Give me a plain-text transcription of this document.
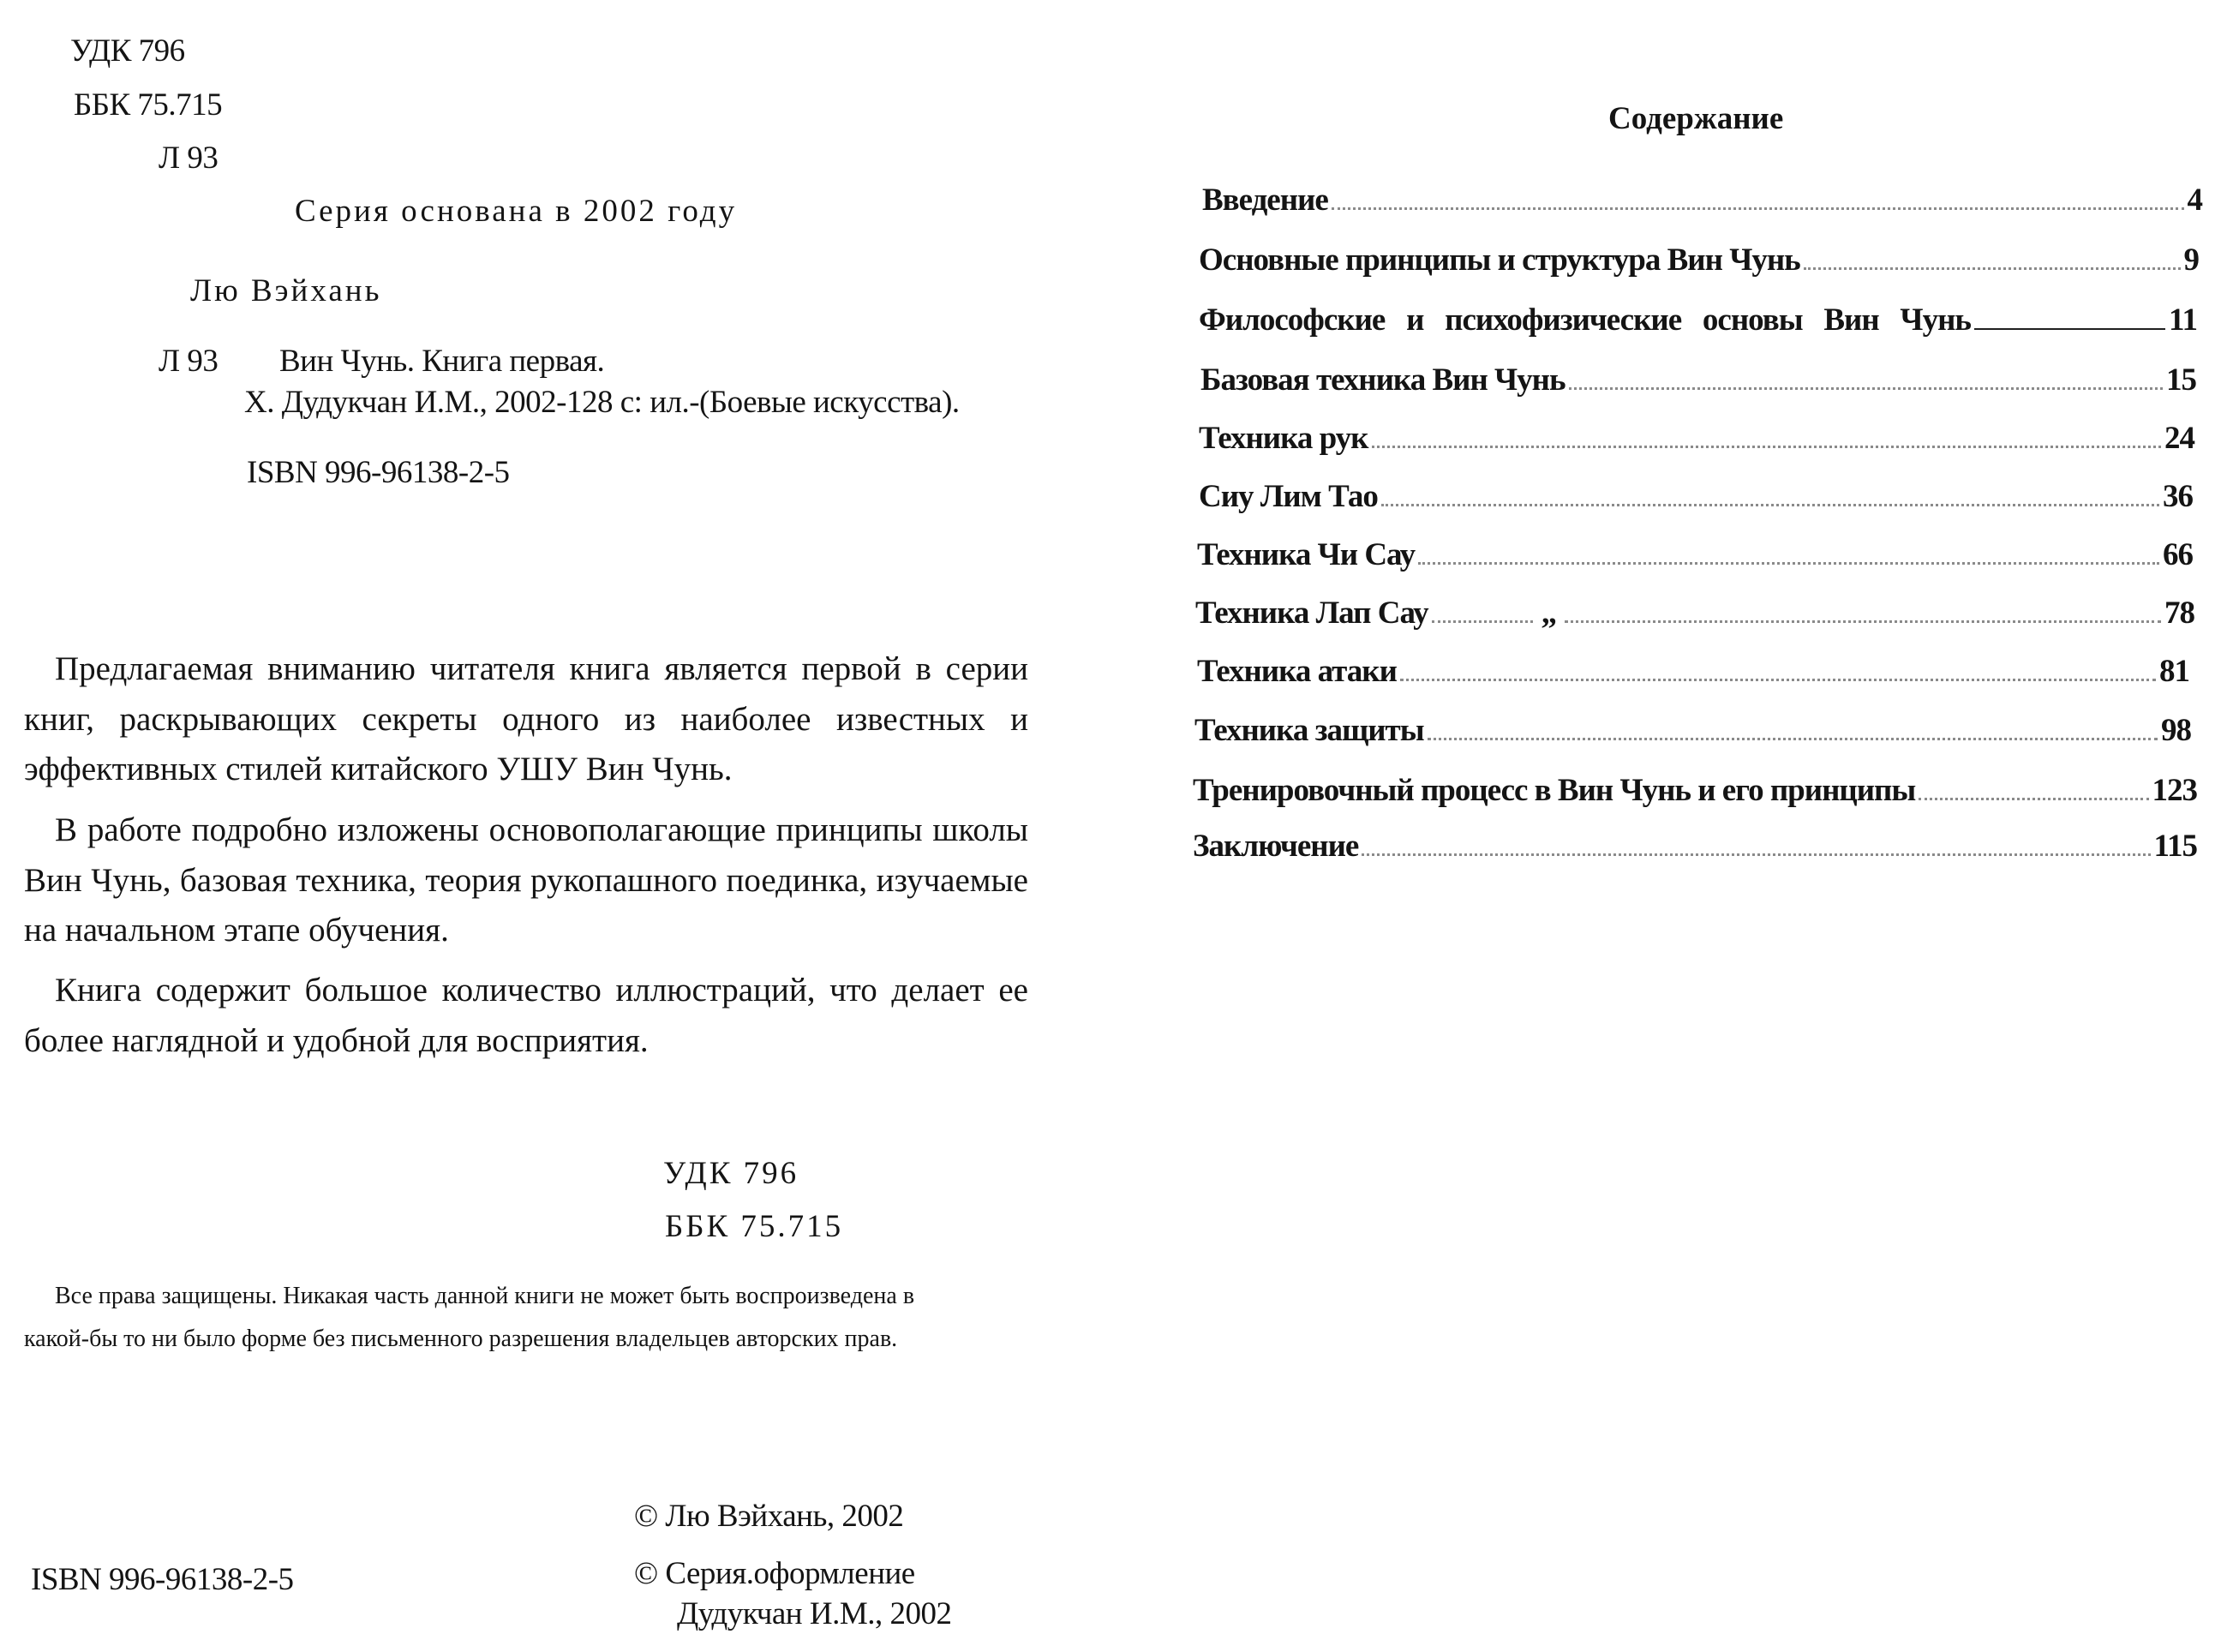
УДК 796
ББК 75.715
Л 93
Серия основана в 2002 году
Лю Вэйхань
Л 93 Вин Чунь. Книга первая.
Х. Дудукчан И.М., 2002-128 с: ил.-(Боевые искусства).
ISBN 996-96138-2-5
Предлагаемая вниманию читателя книга является первой в серии книг, раскрывающих секреты одного из наиболее известных и эффективных стилей китайского УШУ Вин Чунь.
В работе подробно изложены основополагающие принципы школы Вин Чунь, базовая техника, теория рукопашного поединка, изучаемые на начальном этапе обучения.
Книга содержит большое количество иллюстраций, что делает ее более наглядной и удобной для восприятия.
УДК 796
ББК 75.715
Все права защищены. Никакая часть данной книги не может быть воспроизведена в
какой-бы то ни было форме без письменного разрешения владельцев авторских прав.
© Лю Вэйхань, 2002
© Серия.оформление
Дудукчан И.М., 2002
ISBN 996-96138-2-5
Содержание
Введение	4
Основные принципы и структура Вин Чунь	9
Философские   и   психофизические   основы   Вин   Чунь	11
Базовая техника Вин Чунь	15
Техника рук	24
Сиу Лим Тао	36
Техника Чи Сау	66
Техника Лап Сау	„	78
Техника атаки	81
Техника защиты	98
Тренировочный процесс в Вин Чунь и его принципы	123
Заключение	115
